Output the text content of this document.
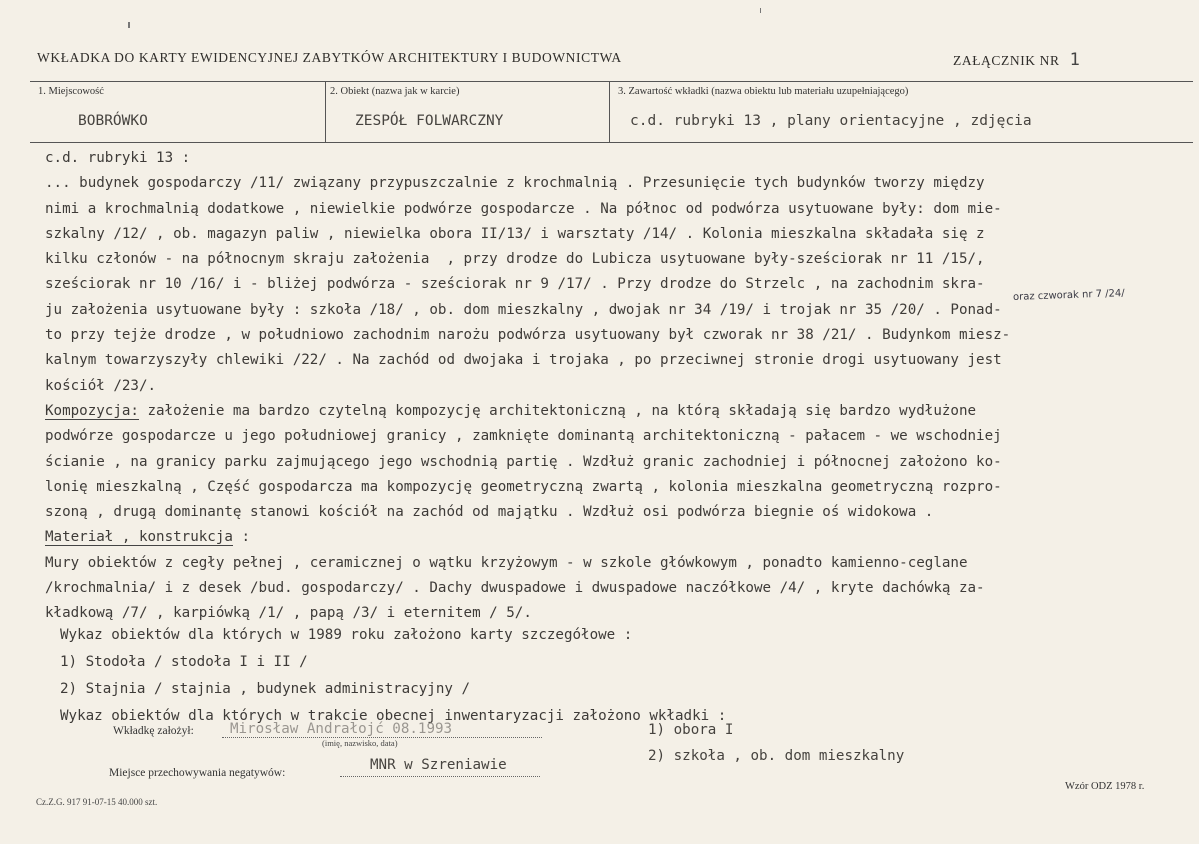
WKŁADKA DO KARTY EWIDENCYJNEJ ZABYTKÓW ARCHITEKTURY I BUDOWNICTWA	ZAŁĄCZNIK NR 1
1. Miejscowość
BOBRÓWKO
2. Obiekt (nazwa jak w karcie)
ZESPÓŁ FOLWARCZNY
3. Zawartość wkładki (nazwa obiektu lub materiału uzupełniającego)
c.d. rubryki 13 , plany orientacyjne , zdjęcia
c.d. rubryki 13 :
... budynek gospodarczy /11/ związany przypuszczalnie z krochmalnią . Przesunięcie tych budynków tworzy między
nimi a krochmalnią dodatkowe , niewielkie podwórze gospodarcze . Na północ od podwórza usytuowane były: dom mie-
szkalny /12/ , ob. magazyn paliw , niewielka obora II/13/ i warsztaty /14/ . Kolonia mieszkalna składała się z
kilku członów - na północnym skraju założenia  , przy drodze do Lubicza usytuowane były-sześciorak nr 11 /15/,
sześciorak nr 10 /16/ i - bliżej podwórza - sześciorak nr 9 /17/ . Przy drodze do Strzelc , na zachodnim skra-
ju założenia usytuowane były : szkoła /18/ , ob. dom mieszkalny , dwojak nr 34 /19/ i trojak nr 35 /20/ . Ponad-
to przy tejże drodze , w południowo zachodnim narożu podwórza usytuowany był czworak nr 38 /21/ . Budynkom miesz-
kalnym towarzyszyły chlewiki /22/ . Na zachód od dwojaka i trojaka , po przeciwnej stronie drogi usytuowany jest
kościół /23/.
Kompozycja: założenie ma bardzo czytelną kompozycję architektoniczną , na którą składają się bardzo wydłużone
podwórze gospodarcze u jego południowej granicy , zamknięte dominantą architektoniczną - pałacem - we wschodniej
ścianie , na granicy parku zajmującego jego wschodnią partię . Wzdłuż granic zachodniej i północnej założono ko-
lonię mieszkalną , Część gospodarcza ma kompozycję geometryczną zwartą , kolonia mieszkalna geometryczną rozpro-
szoną , drugą dominantę stanowi kościół na zachód od majątku . Wzdłuż osi podwórza biegnie oś widokowa .
Materiał , konstrukcja :
Mury obiektów z cegły pełnej , ceramicznej o wątku krzyżowym - w szkole główkowym , ponadto kamienno-ceglane
/krochmalnia/ i z desek /bud. gospodarczy/ . Dachy dwuspadowe i dwuspadowe naczółkowe /4/ , kryte dachówką za-
kładkową /7/ , karpiówką /1/ , papą /3/ i eternitem / 5/.
oraz czworak nr 7 /24/
Wykaz obiektów dla których w 1989 roku założono karty szczegółowe :
1) Stodoła / stodoła I i II /
2) Stajnia / stajnia , budynek administracyjny /
Wykaz obiektów dla których w trakcie obecnej inwentaryzacji założono wkładki :
1) obora I
2) szkoła , ob. dom mieszkalny
Wkładkę założył:	Mirosław Andrałojć 08.1993
(imię, nazwisko, data)
Miejsce przechowywania negatywów:	MNR w Szreniawie
Wzór ODZ 1978 r.
Cz.Z.G. 917 91-07-15 40.000 szt.
